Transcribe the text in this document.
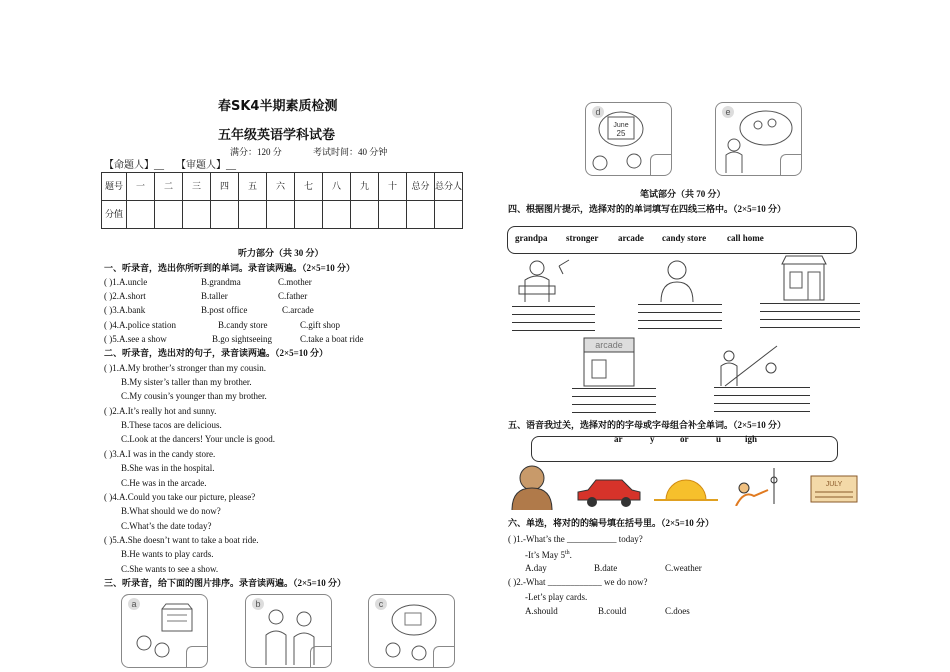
春SK4半期素质检测
五年级英语学科试卷
满分：120 分	考试时间：40 分钟
【命题人】__ 【审题人】__
题号	一	二	三	四	五	六	七	八	九	十	总分	总分人
分值												
听力部分（共 30 分）
一、听录音，选出你所听到的单词。录音读两遍。（2×5=10 分）
( )1.A.uncle	B.grandma	C.mother
( )2.A.short	B.taller	C.father
( )3.A.bank	B.post office	C.arcade
( )4.A.police station	B.candy store	C.gift shop
( )5.A.see a show	B.go sightseeing	C.take a boat ride
二、听录音，选出对的句子，录音读两遍。（2×5=10 分）
( )1.A.My brother’s stronger than my cousin.
B.My sister’s taller than my brother.
C.My cousin’s younger than my brother.
( )2.A.It’s really hot and sunny.
B.These tacos are delicious.
C.Look at the dancers! Your uncle is good.
( )3.A.I was in the candy store.
B.She was in the hospital.
C.He was in the arcade.
( )4.A.Could you take our picture, please?
B.What should we do now?
C.What’s the date today?
( )5.A.She doesn’t want to take a boat ride.
B.He wants to play cards.
C.She wants to see a show.
三、听录音，给下面的图片排序。录音读两遍。（2×5=10 分）
a	b	c
d
June
25
e
笔试部分（共 70 分）
四、根据图片提示，选择对的的单词填写在四线三格中。（2×5=10 分）
grandpa stronger arcade candy store call home
arcade
五、语音我过关，选择对的的字母或字母组合补全单词。（2×5=10 分）
ar	y	or	u	igh
JULY
六、单选，将对的的编号填在括号里。（2×5=10 分）
( )1.-What’s the ___________ today?
-It’s May 5th.
A.day	B.date	C.weather
( )2.-What ____________ we do now?
-Let’s play cards.
A.should	B.could	C.does
